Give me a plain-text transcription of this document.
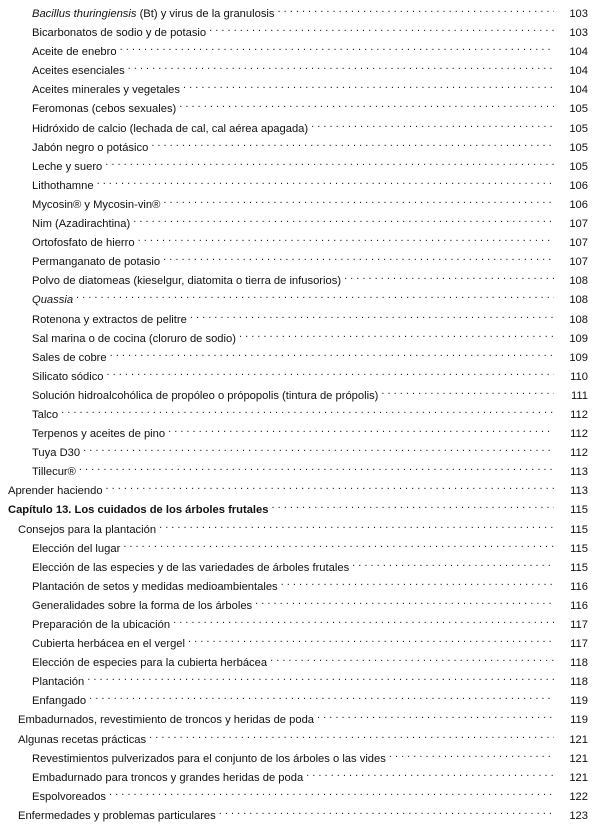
Bacillus thuringiensis (Bt) y virus de la granulosis . . .	103
Bicarbonatos de sodio y de potasio . . .	103
Aceite de enebro . . .	104
Aceites esenciales . . .	104
Aceites minerales y vegetales . . .	104
Feromonas (cebos sexuales) . . .	105
Hidróxido de calcio (lechada de cal, cal aérea apagada) . . .	105
Jabón negro o potásico . . .	105
Leche y suero . . .	105
Lithothamne . . .	106
Mycosin® y Mycosin-vin® . . .	106
Nim (Azadirachtina) . . .	107
Ortofosfato de hierro . . .	107
Permanganato de potasio . . .	107
Polvo de diatomeas (kieselgur, diatomita o tierra de infusorios) . . .	108
Quassia . . .	108
Rotenona y extractos de pelitre . . .	108
Sal marina o de cocina (cloruro de sodio) . . .	109
Sales de cobre . . .	109
Silicato sódico . . .	110
Solución hidroalcohólica de propóleo o própopolis (tintura de própolis) . . .	111
Talco . . .	112
Terpenos y aceites de pino . . .	112
Tuya D30 . . .	112
Tillecur® . . .	113
Aprender haciendo . . .	113
Capítulo 13. Los cuidados de los árboles frutales . . .	115
Consejos para la plantación . . .	115
Elección del lugar . . .	115
Elección de las especies y de las variedades de árboles frutales . . .	115
Plantación de setos y medidas medioambientales . . .	116
Generalidades sobre la forma de los árboles . . .	116
Preparación de la ubicación . . .	117
Cubierta herbácea en el vergel . . .	117
Elección de especies para la cubierta herbácea . . .	118
Plantación . . .	118
Enfangado . . .	119
Embadurnados, revestimiento de troncos y heridas de poda . . .	119
Algunas recetas prácticas . . .	121
Revestimientos pulverizados para el conjunto de los árboles o las vides . . .	121
Embadurnado para troncos y grandes heridas de poda . . .	121
Espolvoreados . . .	122
Enfermedades y problemas particulares . . .	123
